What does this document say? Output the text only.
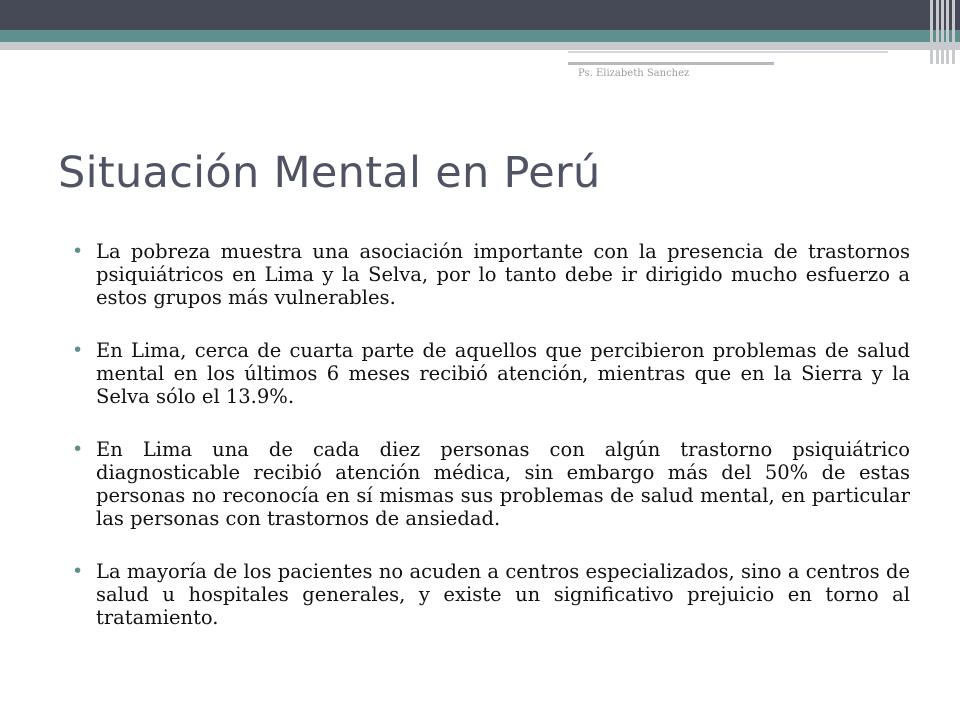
Ps. Elizabeth Sanchez
Situación Mental en Perú
• La pobreza muestra una asociación importante con la presencia de trastornos psiquiátricos en Lima y la Selva, por lo tanto debe ir dirigido mucho esfuerzo a estos grupos más vulnerables.
• En Lima, cerca de cuarta parte de aquellos que percibieron problemas de salud mental en los últimos 6 meses recibió atención, mientras que en la Sierra y la Selva sólo el 13.9%.
• En Lima una de cada diez personas con algún trastorno psiquiátrico diagnosticable recibió atención médica, sin embargo más del 50% de estas personas no reconocía en sí mismas sus problemas de salud mental, en particular las personas con trastornos de ansiedad.
• La mayoría de los pacientes no acuden a centros especializados, sino a centros de salud u hospitales generales, y existe un significativo prejuicio en torno al tratamiento.
